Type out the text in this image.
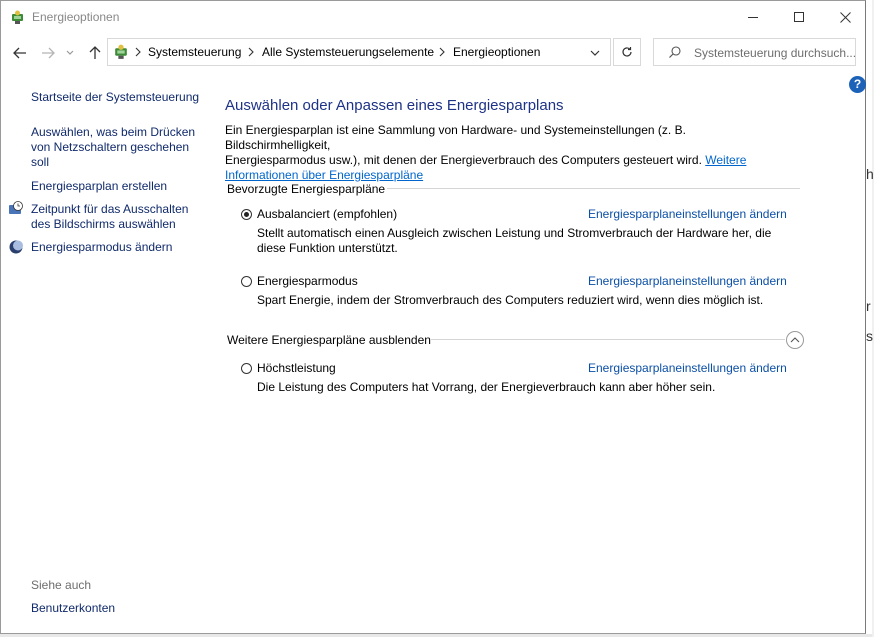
Energieoptionen
Systemsteuerung Alle Systemsteuerungselemente Energieoptionen	Systemsteuerung durchsuch...
?
Startseite der Systemsteuerung
Auswählen, was beim Drücken
von Netzschaltern geschehen
soll
Energiesparplan erstellen
Zeitpunkt für das Ausschalten
des Bildschirms auswählen
Energiesparmodus ändern
Siehe auch
Benutzerkonten
Auswählen oder Anpassen eines Energiesparplans
Ein Energiesparplan ist eine Sammlung von Hardware- und Systemeinstellungen (z. B. Bildschirmhelligkeit,
Energiesparmodus usw.), mit denen der Energieverbrauch des Computers gesteuert wird. Weitere
Informationen über Energiesparpläne
Bevorzugte Energiesparpläne
Ausbalanciert (empfohlen)	Energiesparplaneinstellungen ändern
Stellt automatisch einen Ausgleich zwischen Leistung und Stromverbrauch der Hardware her, die
diese Funktion unterstützt.
Energiesparmodus	Energiesparplaneinstellungen ändern
Spart Energie, indem der Stromverbrauch des Computers reduziert wird, wenn dies möglich ist.
Weitere Energiesparpläne ausblenden
Höchstleistung	Energiesparplaneinstellungen ändern
Die Leistung des Computers hat Vorrang, der Energieverbrauch kann aber höher sein.
h
r
s
